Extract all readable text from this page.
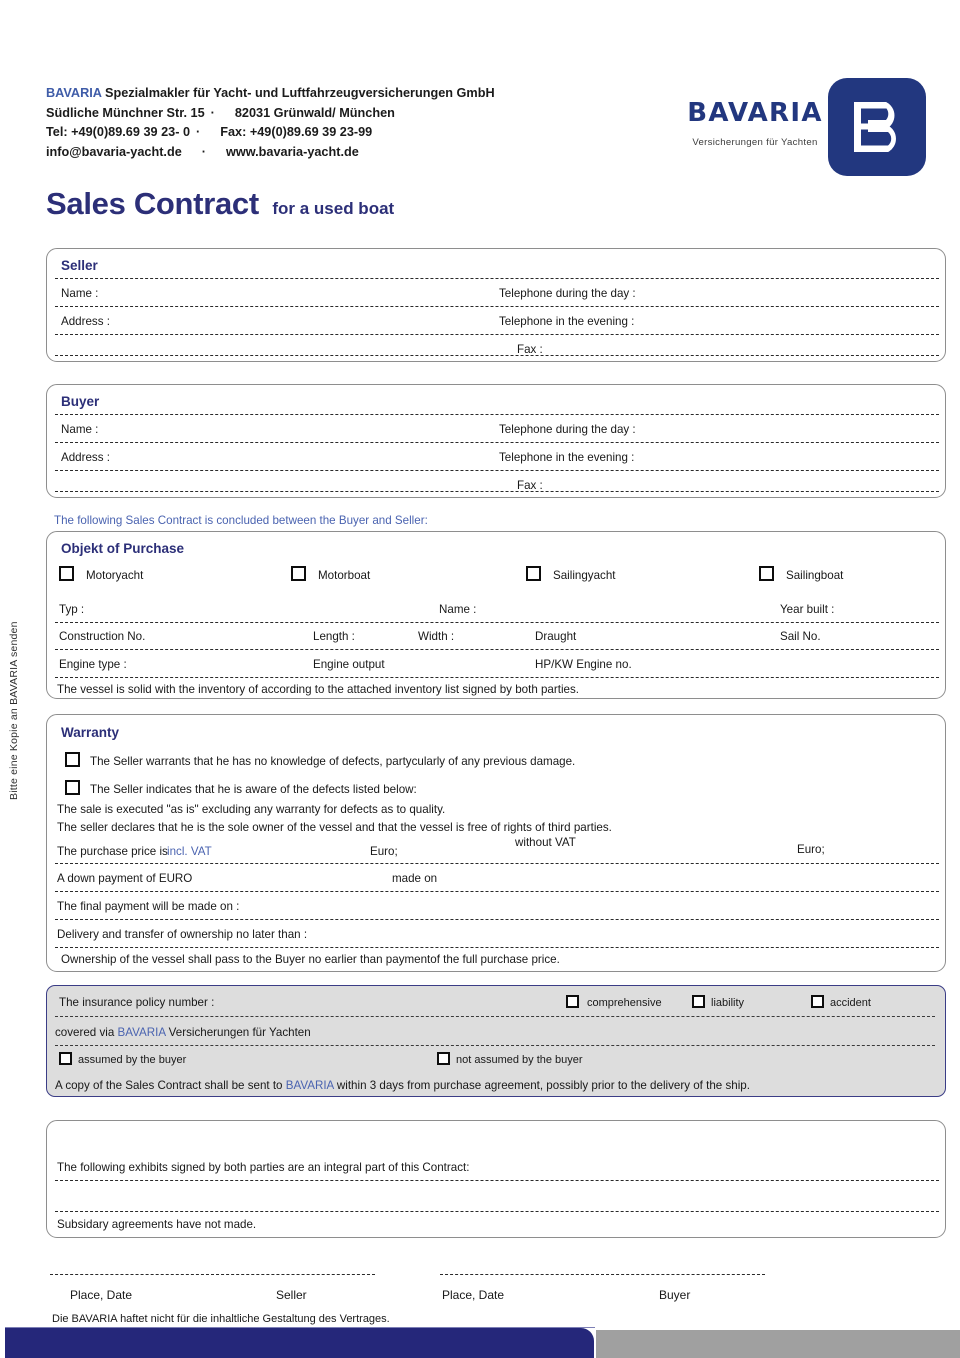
Bitte eine Kopie an BAVARIA senden
BAVARIA Spezialmakler für Yacht- und Luftfahrzeugversicherungen GmbH
Südliche Münchner Str. 15 · 82031 Grünwald/ München
Tel: +49(0)89.69 39 23- 0 · Fax: +49(0)89.69 39 23-99
info@bavaria-yacht.de · www.bavaria-yacht.de
BAVARIA
Versicherungen für Yachten
Sales Contract for a used boat
Seller
Name :	Telephone during the day :
Address :	Telephone in the evening :
Fax :
Buyer
Name :	Telephone during the day :
Address :	Telephone in the evening :
Fax :
The following Sales Contract is concluded between the Buyer and Seller:
Objekt of Purchase
Motoryacht	Motorboat	Sailingyacht	Sailingboat
Typ :	Name :	Year built :
Construction No.	Length :	Width :	Draught	Sail No.
Engine type :	Engine output	HP/KW Engine no.
The vessel is solid with the inventory of according to the attached inventory list signed by both parties.
Warranty
The Seller warrants that he has no knowledge of defects, partycularly of any previous damage.
The Seller indicates that he is aware of the defects listed below:
The sale is executed "as is" excluding any warranty for defects as to quality.
The seller declares that he is the sole owner of the vessel and that the vessel is free of rights of third parties.
The purchase price is incl. VAT	Euro;
without VAT
Euro;
A down payment of EURO	made on
The final payment will be made on :
Delivery and transfer of ownership no later than :
Ownership of the vessel shall pass to the Buyer no earlier than paymentof the full purchase price.
The insurance policy number :	comprehensive	liability	accident
covered via BAVARIA Versicherungen für Yachten
assumed by the buyer	not assumed by the buyer
A copy of the Sales Contract shall be sent to BAVARIA within 3 days from purchase agreement, possibly prior to the delivery of the ship.
The following exhibits signed by both parties are an integral part of this Contract:
Subsidary agreements have not made.
Place, Date	Seller	Place, Date	Buyer
Die BAVARIA haftet nicht für die inhaltliche Gestaltung des Vertrages.
